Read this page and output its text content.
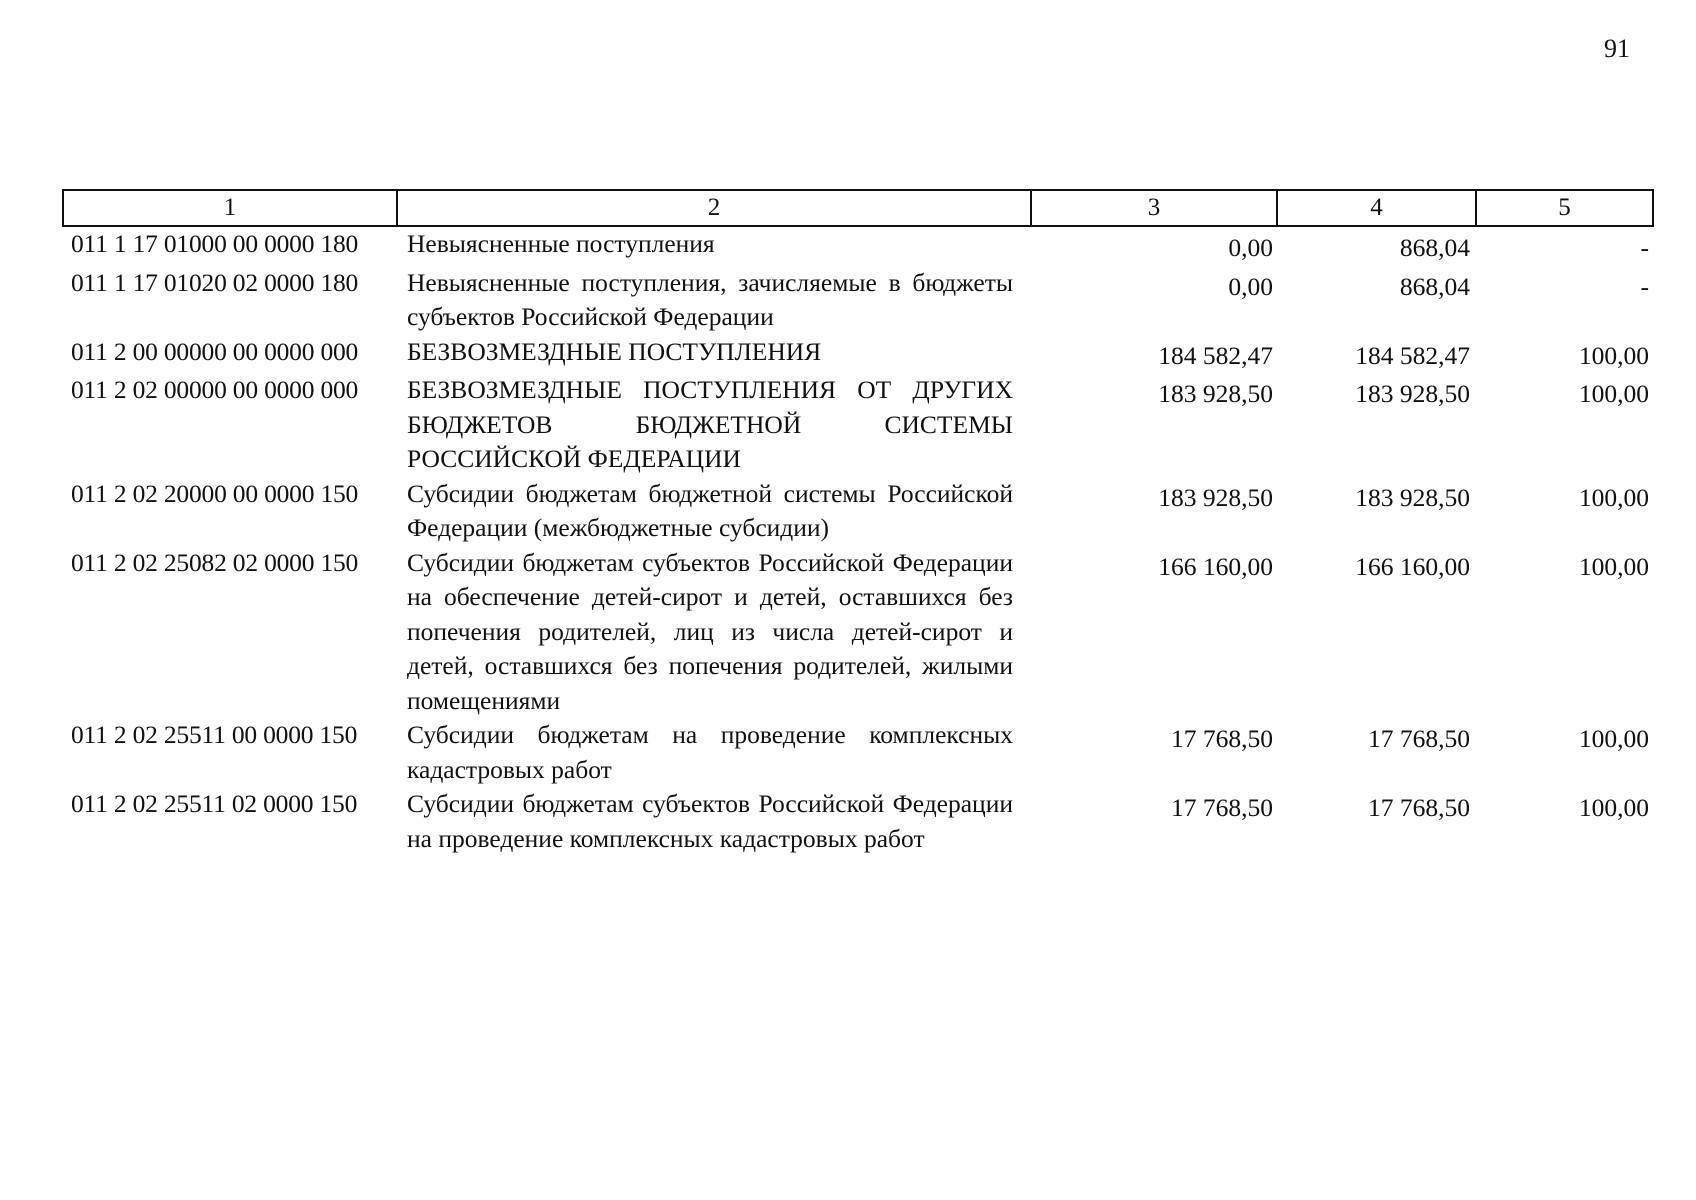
91
1	2	3	4	5
011 1 17 01000 00 0000 180	Невыясненные поступления	0,00	868,04	-
011 1 17 01020 02 0000 180	Невыясненные поступления, зачисляемые в бюджеты субъектов Российской Федерации	0,00	868,04	-
011 2 00 00000 00 0000 000	БЕЗВОЗМЕЗДНЫЕ ПОСТУПЛЕНИЯ	184 582,47	184 582,47	100,00
011 2 02 00000 00 0000 000	БЕЗВОЗМЕЗДНЫЕ ПОСТУПЛЕНИЯ ОТ ДРУГИХ БЮДЖЕТОВ БЮДЖЕТНОЙ СИСТЕМЫ РОССИЙСКОЙ ФЕДЕРАЦИИ	183 928,50	183 928,50	100,00
011 2 02 20000 00 0000 150	Субсидии бюджетам бюджетной системы Российской Федерации (межбюджетные субсидии)	183 928,50	183 928,50	100,00
011 2 02 25082 02 0000 150	Субсидии бюджетам субъектов Российской Федерации на обеспечение детей-сирот и детей, оставшихся без попечения родителей, лиц из числа детей-сирот и детей, оставшихся без попечения родителей, жилыми помещениями	166 160,00	166 160,00	100,00
011 2 02 25511 00 0000 150	Субсидии бюджетам на проведение комплексных кадастровых работ	17 768,50	17 768,50	100,00
011 2 02 25511 02 0000 150	Субсидии бюджетам субъектов Российской Федерации на проведение комплексных кадастровых работ	17 768,50	17 768,50	100,00
